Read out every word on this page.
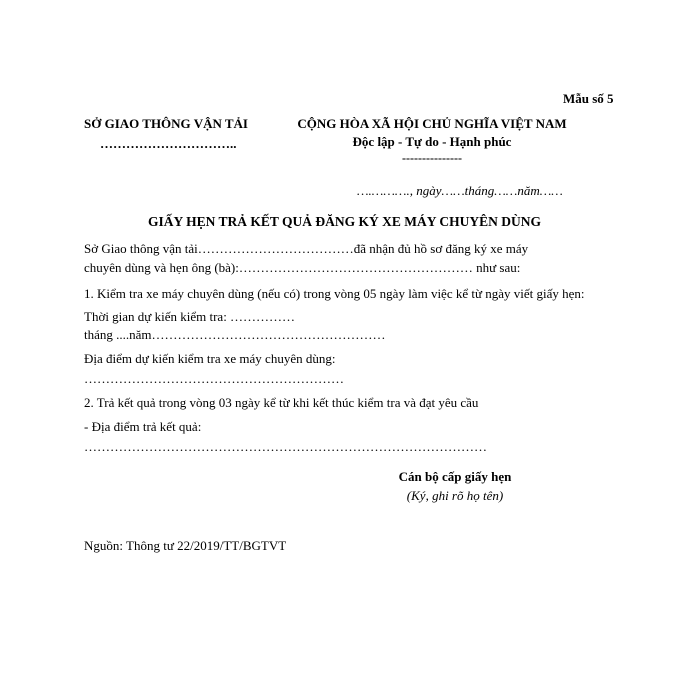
Mẫu số 5
SỞ GIAO THÔNG VẬN TẢI
…………………………..
CỘNG HÒA XÃ HỘI CHỦ NGHĨA VIỆT NAM
Độc lập - Tự do - Hạnh phúc
---------------
….………., ngày……tháng……năm……
GIẤY HẸN TRẢ KẾT QUẢ ĐĂNG KÝ XE MÁY CHUYÊN DÙNG
Sở Giao thông vận tải………………………………đã nhận đủ hồ sơ đăng ký xe máy
chuyên dùng và hẹn ông (bà):……………………………………………… như sau:
1. Kiểm tra xe máy chuyên dùng (nếu có) trong vòng 05 ngày làm việc kể từ ngày viết giấy hẹn:
Thời gian dự kiến kiểm tra: ……………
tháng ....năm………………………………………………
Địa điểm dự kiến kiểm tra xe máy chuyên dùng:
……………………………………………………
2. Trả kết quả trong vòng 03 ngày kể từ khi kết thúc kiểm tra và đạt yêu cầu
- Địa điểm trả kết quả:
…………………………………………………………………………………
Cán bộ cấp giấy hẹn
(Ký, ghi rõ họ tên)
Nguồn: Thông tư 22/2019/TT/BGTVT
